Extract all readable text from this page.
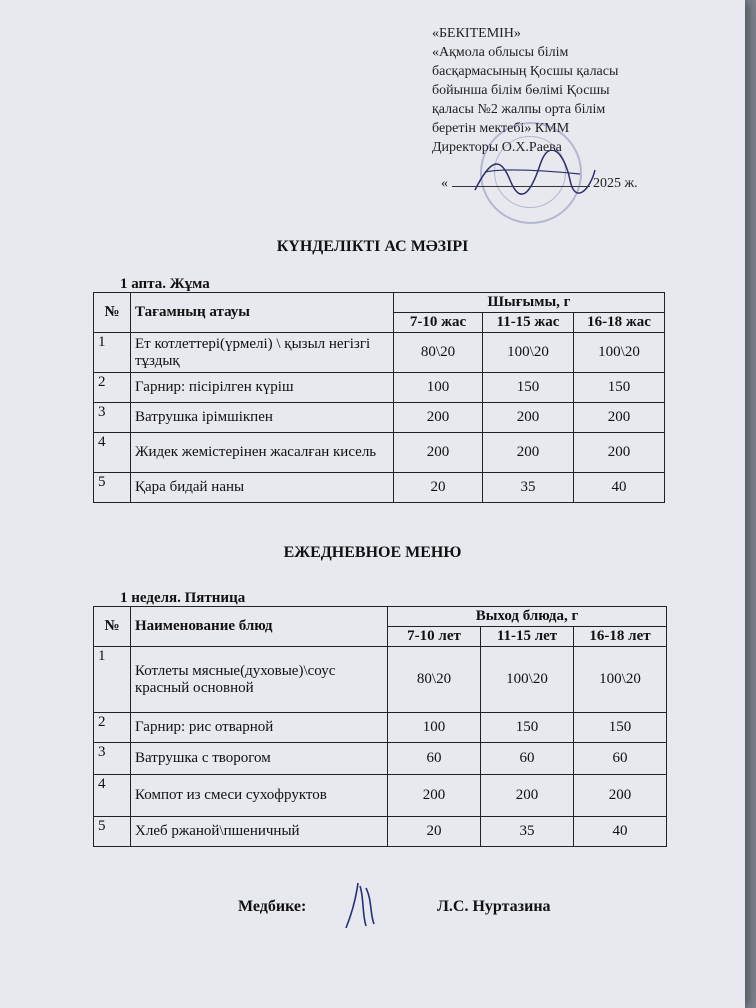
«БЕКІТЕМІН»
«Ақмола облысы білім
басқармасының Қосшы қаласы
бойынша білім бөлімі Қосшы
қаласы №2 жалпы орта білім
беретін мектебі» КММ
Директоры О.Х.Раева
«	2025 ж.
КҮНДЕЛІКТІ АС МӘЗІРІ
1 апта. Жұма
№	Тағамның атауы	Шығымы, г		
		7-10 жас	11-15 жас	16-18 жас
1	Ет котлеттері(үрмелі) \ қызыл негізгі тұздық	80\20	100\20	100\20
2	Гарнир: пісірілген күріш	100	150	150
3	Ватрушка ірімшікпен	200	200	200
4	Жидек жемістерінен жасалған кисель	200	200	200
5	Қара бидай наны	20	35	40
ЕЖЕДНЕВНОЕ МЕНЮ
1 неделя. Пятница
№	Наименование блюд	Выход блюда, г		
		7-10 лет	11-15 лет	16-18 лет
1	Котлеты мясные(духовые)\соус красный основной	80\20	100\20	100\20
2	Гарнир: рис отварной	100	150	150
3	Ватрушка с творогом	60	60	60
4	Компот из смеси сухофруктов	200	200	200
5	Хлеб ржаной\пшеничный	20	35	40
Медбике:	Л.С. Нуртазина
